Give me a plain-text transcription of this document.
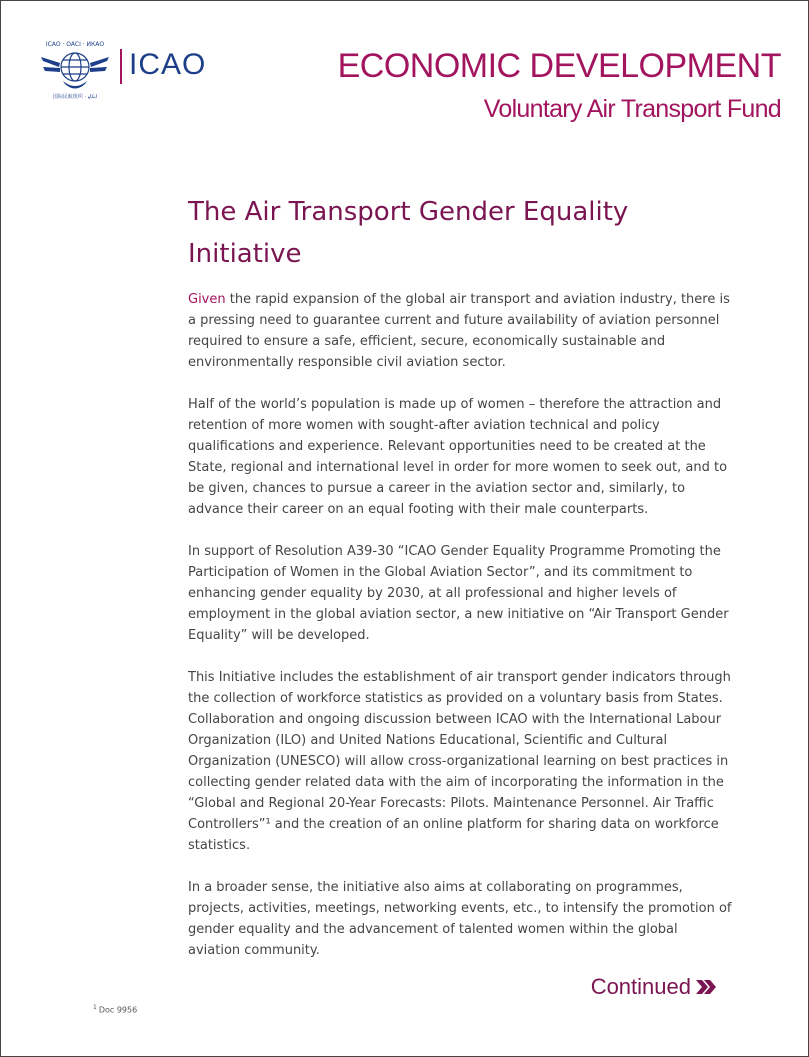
ICAO · OACI · ИКАО
国际民航组织 · ايكاو
ICAO	ECONOMIC DEVELOPMENT
Voluntary Air Transport Fund
The Air Transport Gender Equality Initiative

Given the rapid expansion of the global air transport and aviation industry, there is a pressing need to guarantee current and future availability of aviation personnel required to ensure a safe, efficient, secure, economically sustainable and environmentally responsible civil aviation sector.

Half of the world’s population is made up of women – therefore the attraction and retention of more women with sought-after aviation technical and policy qualifications and experience. Relevant opportunities need to be created at the State, regional and international level in order for more women to seek out, and to be given, chances to pursue a career in the aviation sector and, similarly, to advance their career on an equal footing with their male counterparts.

In support of Resolution A39-30 “ICAO Gender Equality Programme Promoting the Participation of Women in the Global Aviation Sector”, and its commitment to enhancing gender equality by 2030, at all professional and higher levels of employment in the global aviation sector, a new initiative on “Air Transport Gender Equality” will be developed.

This Initiative includes the establishment of air transport gender indicators through the collection of workforce statistics as provided on a voluntary basis from States. Collaboration and ongoing discussion between ICAO with the International Labour Organization (ILO) and United Nations Educational, Scientific and Cultural Organization (UNESCO) will allow cross-organizational learning on best practices in collecting gender related data with the aim of incorporating the information in the “Global and Regional 20-Year Forecasts: Pilots. Maintenance Personnel. Air Traffic Controllers”¹ and the creation of an online platform for sharing data on workforce statistics.

In a broader sense, the initiative also aims at collaborating on programmes, projects, activities, meetings, networking events, etc., to intensify the promotion of gender equality and the advancement of talented women within the global aviation community.

Continued
$^1$ Doc 9956
